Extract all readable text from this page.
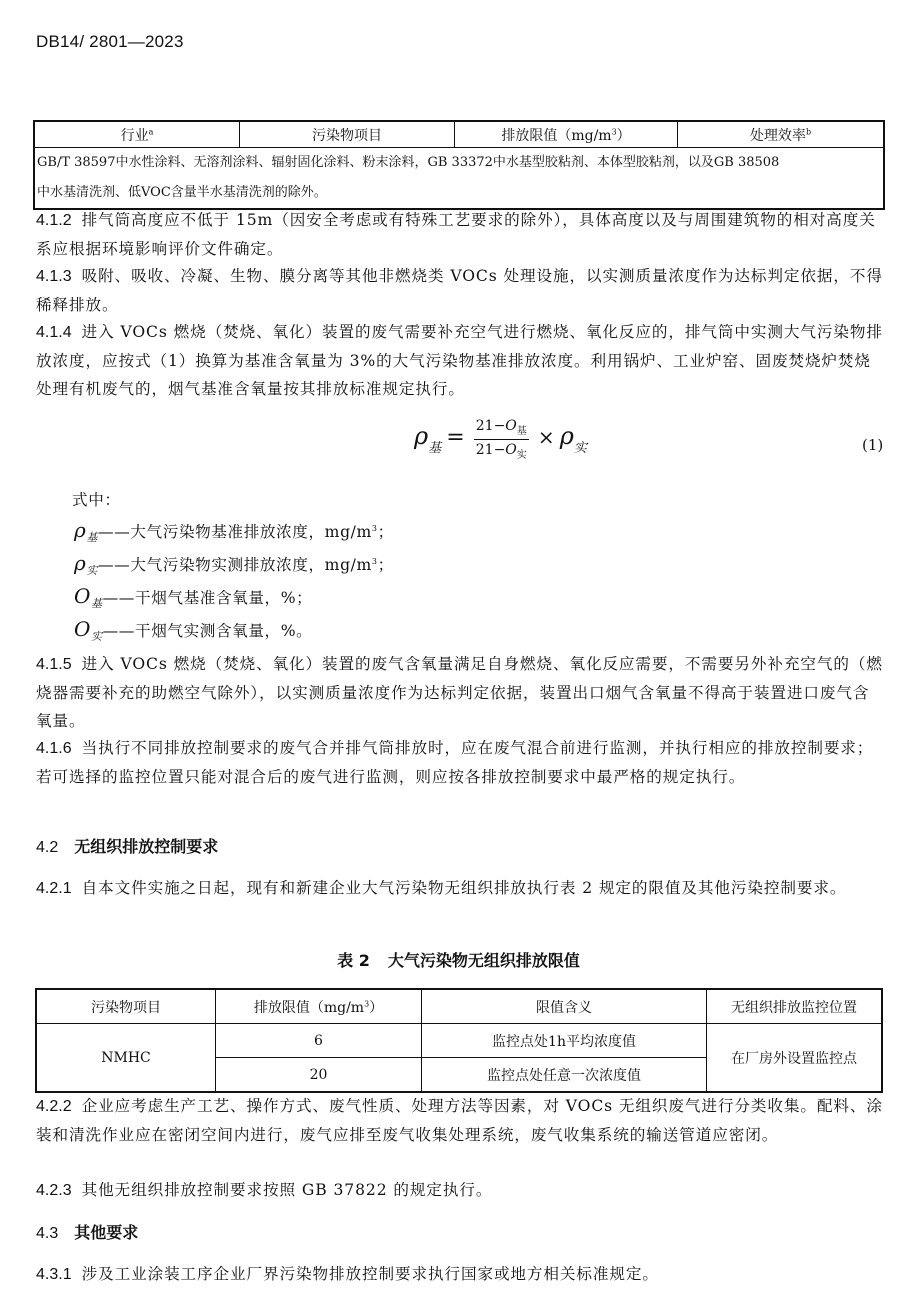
DB14/ 2801—2023
行业$^a$	污染物项目	排放限值$(mg/m^3)$	处理效率$^b$

GB/T 38597中水性涂料、无溶剂涂料、辐射固化涂料、粉末涂料，GB 33372中水基型胶粘剂、本体型胶粘剂，以及GB 38508
中水基清洗剂、低VOC含量半水基清洗剂的除外。

4.1.2 排气筒高度应不低于 15m（因安全考虑或有特殊工艺要求的除外），具体高度以及与周围建筑物的相对高度关系应根据环境影响评价文件确定。

4.1.3 吸附、吸收、冷凝、生物、膜分离等其他非燃烧类 VOCs 处理设施，以实测质量浓度作为达标判定依据，不得稀释排放。

4.1.4 进入 VOCs 燃烧（焚烧、氧化）装置的废气需要补充空气进行燃烧、氧化反应的，排气筒中实测大气污染物排放浓度，应按式（1）换算为基准含氧量为 3%的大气污染物基准排放浓度。利用锅炉、工业炉窑、固废焚烧炉焚烧处理有机废气的，烟气基准含氧量按其排放标准规定执行。

$\rho_基 = \frac{21-O_基}{21-O_实} \times \rho_实$	(1)
式中：
$\rho_基——$大气污染物基准排放浓度，$mg/m^3$；
$\rho_实——$大气污染物实测排放浓度，$mg/m^3$；
$O_基——$干烟气基准含氧量，%；
$O_实——$干烟气实测含氧量，%。

4.1.5 进入 VOCs 燃烧（焚烧、氧化）装置的废气含氧量满足自身燃烧、氧化反应需要，不需要另外补充空气的（燃烧器需要补充的助燃空气除外），以实测质量浓度作为达标判定依据，装置出口烟气含氧量不得高于装置进口废气含氧量。

4.1.6 当执行不同排放控制要求的废气合并排气筒排放时，应在废气混合前进行监测，并执行相应的排放控制要求；若可选择的监控位置只能对混合后的废气进行监测，则应按各排放控制要求中最严格的规定执行。

4.2 无组织排放控制要求

4.2.1 自本文件实施之日起，现有和新建企业大气污染物无组织排放执行表 2 规定的限值及其他污染控制要求。

表 2 大气污染物无组织排放限值
污染物项目	排放限值$(mg/m^3)$	限值含义	无组织排放监控位置
NMHC	6	监控点处1h平均浓度值	在厂房外设置监控点
	20	监控点处任意一次浓度值	

4.2.2 企业应考虑生产工艺、操作方式、废气性质、处理方法等因素，对 VOCs 无组织废气进行分类收集。配料、涂装和清洗作业应在密闭空间内进行，废气应排至废气收集处理系统，废气收集系统的输送管道应密闭。

4.2.3 其他无组织排放控制要求按照 GB 37822 的规定执行。

4.3 其他要求

4.3.1 涉及工业涂装工序企业厂界污染物排放控制要求执行国家或地方相关标准规定。
